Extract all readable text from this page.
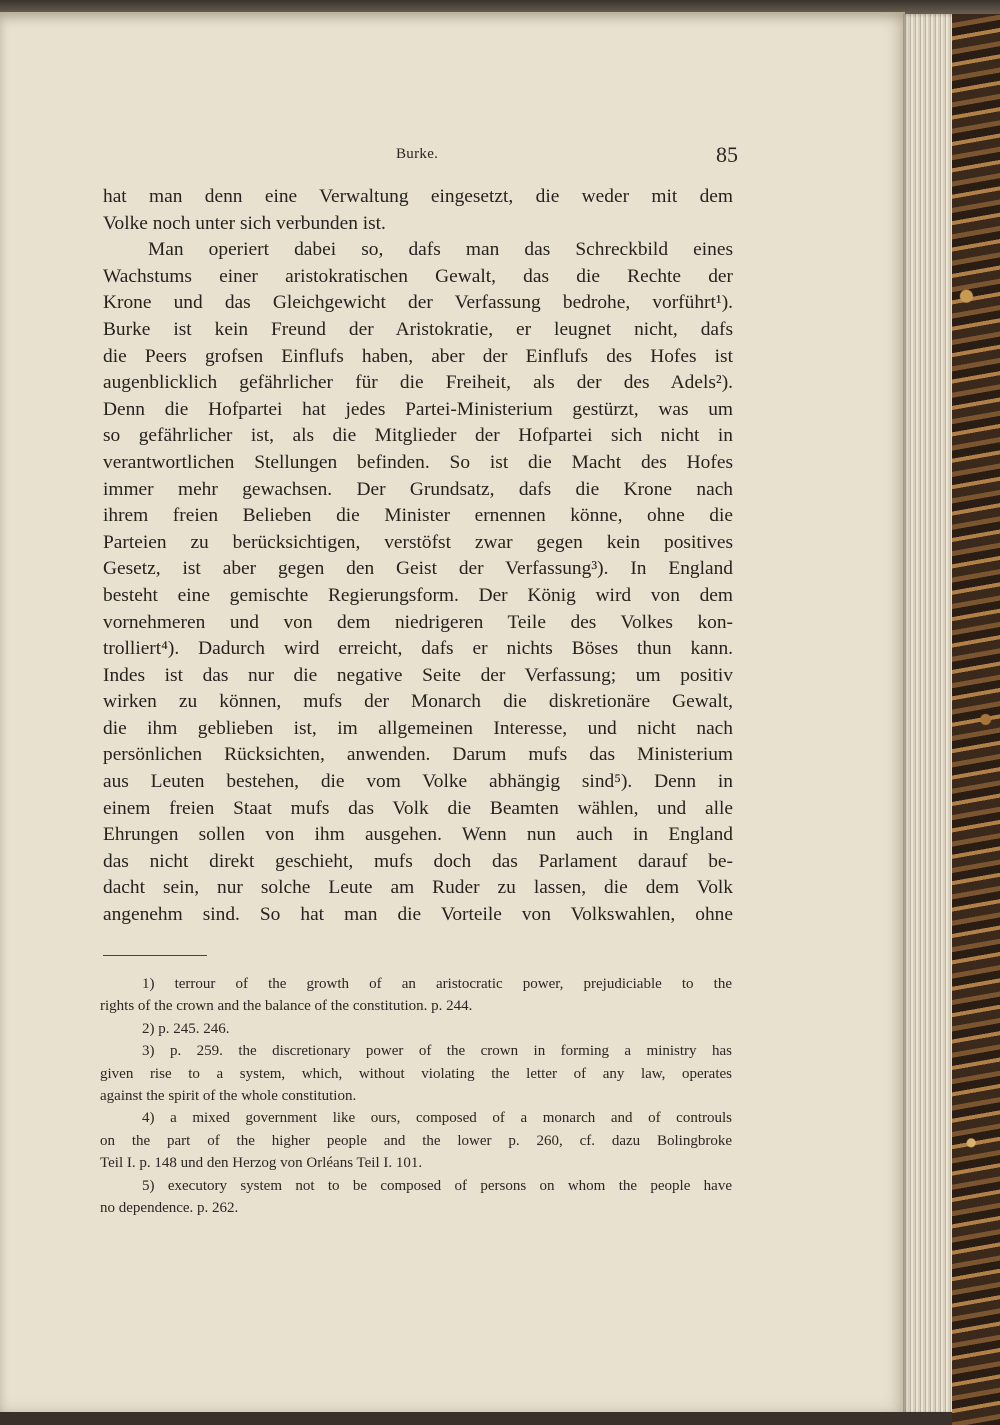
Burke.	85
hat man denn eine Verwaltung eingesetzt, die weder mit dem
Volke noch unter sich verbunden ist.
Man operiert dabei so, dafs man das Schreckbild eines
Wachstums einer aristokratischen Gewalt, das die Rechte der
Krone und das Gleichgewicht der Verfassung bedrohe, vorführt¹).
Burke ist kein Freund der Aristokratie, er leugnet nicht, dafs
die Peers grofsen Einflufs haben, aber der Einflufs des Hofes ist
augenblicklich gefährlicher für die Freiheit, als der des Adels²).
Denn die Hofpartei hat jedes Partei-Ministerium gestürzt, was um
so gefährlicher ist, als die Mitglieder der Hofpartei sich nicht in
verantwortlichen Stellungen befinden. So ist die Macht des Hofes
immer mehr gewachsen. Der Grundsatz, dafs die Krone nach
ihrem freien Belieben die Minister ernennen könne, ohne die
Parteien zu berücksichtigen, verstöfst zwar gegen kein positives
Gesetz, ist aber gegen den Geist der Verfassung³). In England
besteht eine gemischte Regierungsform. Der König wird von dem
vornehmeren und von dem niedrigeren Teile des Volkes kon-
trolliert⁴). Dadurch wird erreicht, dafs er nichts Böses thun kann.
Indes ist das nur die negative Seite der Verfassung; um positiv
wirken zu können, mufs der Monarch die diskretionäre Gewalt,
die ihm geblieben ist, im allgemeinen Interesse, und nicht nach
persönlichen Rücksichten, anwenden. Darum mufs das Ministerium
aus Leuten bestehen, die vom Volke abhängig sind⁵). Denn in
einem freien Staat mufs das Volk die Beamten wählen, und alle
Ehrungen sollen von ihm ausgehen. Wenn nun auch in England
das nicht direkt geschieht, mufs doch das Parlament darauf be-
dacht sein, nur solche Leute am Ruder zu lassen, die dem Volk
angenehm sind. So hat man die Vorteile von Volkswahlen, ohne
1) terrour of the growth of an aristocratic power, prejudiciable to the
rights of the crown and the balance of the constitution. p. 244.
2) p. 245. 246.
3) p. 259. the discretionary power of the crown in forming a ministry has
given rise to a system, which, without violating the letter of any law, operates
against the spirit of the whole constitution.
4) a mixed government like ours, composed of a monarch and of controuls
on the part of the higher people and the lower p. 260, cf. dazu Bolingbroke
Teil I. p. 148 und den Herzog von Orléans Teil I. 101.
5) executory system not to be composed of persons on whom the people have
no dependence. p. 262.
